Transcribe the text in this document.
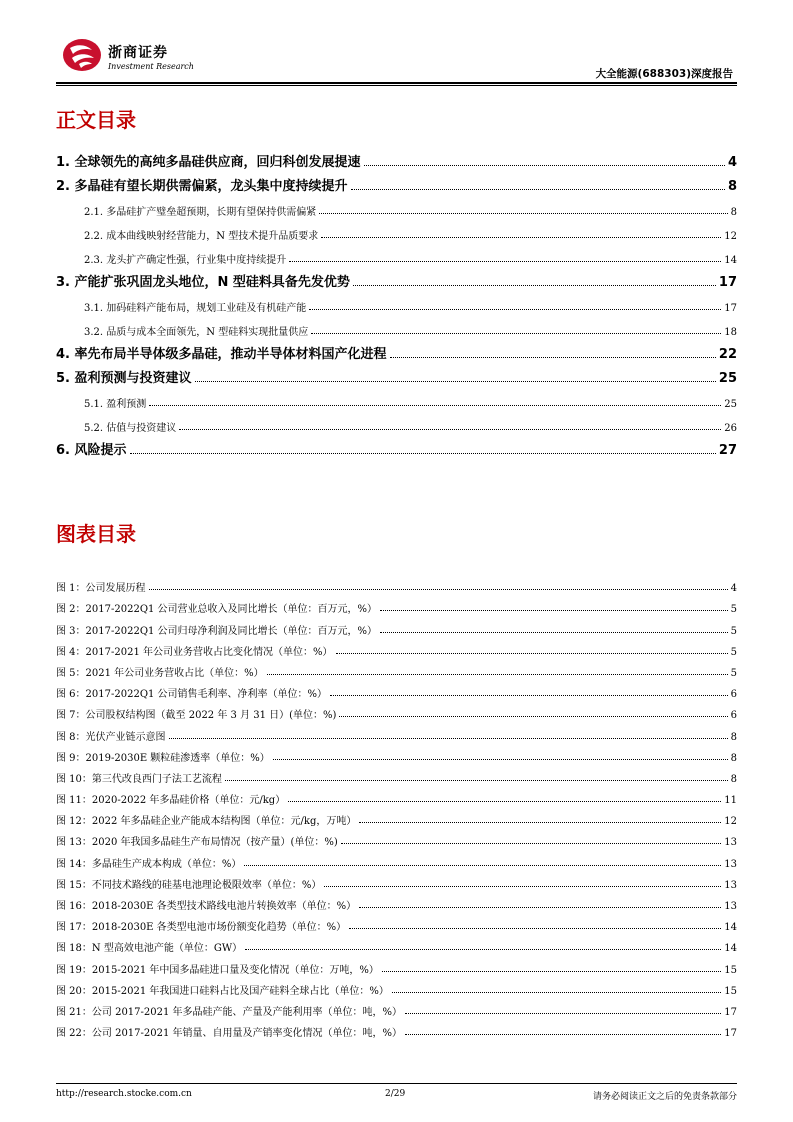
浙商证券
Investment Research
大全能源(688303)深度报告
正文目录
1. 全球领先的高纯多晶硅供应商，回归科创发展提速	4
2. 多晶硅有望长期供需偏紧，龙头集中度持续提升	8
2.1. 多晶硅扩产璧垒超预期，长期有望保持供需偏紧	8
2.2. 成本曲线映射经营能力，N 型技术提升品质要求	12
2.3. 龙头扩产确定性强，行业集中度持续提升	14
3. 产能扩张巩固龙头地位，N 型硅料具备先发优势	17
3.1. 加码硅料产能布局，规划工业硅及有机硅产能	17
3.2. 品质与成本全面领先，N 型硅料实现批量供应	18
4. 率先布局半导体级多晶硅，推动半导体材料国产化进程	22
5. 盈利预测与投资建议	25
5.1. 盈利预测	25
5.2. 估值与投资建议	26
6. 风险提示	27
图表目录
图 1：公司发展历程	4
图 2：2017-2022Q1 公司营业总收入及同比增长（单位：百万元，%）	5
图 3：2017-2022Q1 公司归母净利润及同比增长（单位：百万元，%）	5
图 4：2017-2021 年公司业务营收占比变化情况（单位：%）	5
图 5：2021 年公司业务营收占比（单位：%）	5
图 6：2017-2022Q1 公司销售毛利率、净利率（单位：%）	6
图 7：公司股权结构图（截至 2022 年 3 月 31 日）(单位：%)	6
图 8：光伏产业链示意图	8
图 9：2019-2030E 颗粒硅渗透率（单位：%）	8
图 10：第三代改良西门子法工艺流程	8
图 11：2020-2022 年多晶硅价格（单位：元/kg）	11
图 12：2022 年多晶硅企业产能成本结构图（单位：元/kg，万吨）	12
图 13：2020 年我国多晶硅生产布局情况（按产量）(单位：%)	13
图 14：多晶硅生产成本构成（单位：%）	13
图 15：不同技术路线的硅基电池理论极限效率（单位：%）	13
图 16：2018-2030E 各类型技术路线电池片转换效率（单位：%）	13
图 17：2018-2030E 各类型电池市场份额变化趋势（单位：%）	14
图 18：N 型高效电池产能（单位：GW）	14
图 19：2015-2021 年中国多晶硅进口量及变化情况（单位：万吨，%）	15
图 20：2015-2021 年我国进口硅料占比及国产硅料全球占比（单位：%）	15
图 21：公司 2017-2021 年多晶硅产能、产量及产能利用率（单位：吨，%）	17
图 22：公司 2017-2021 年销量、自用量及产销率变化情况（单位：吨，%）	17
http://research.stocke.com.cn	2/29	请务必阅读正文之后的免责条款部分
